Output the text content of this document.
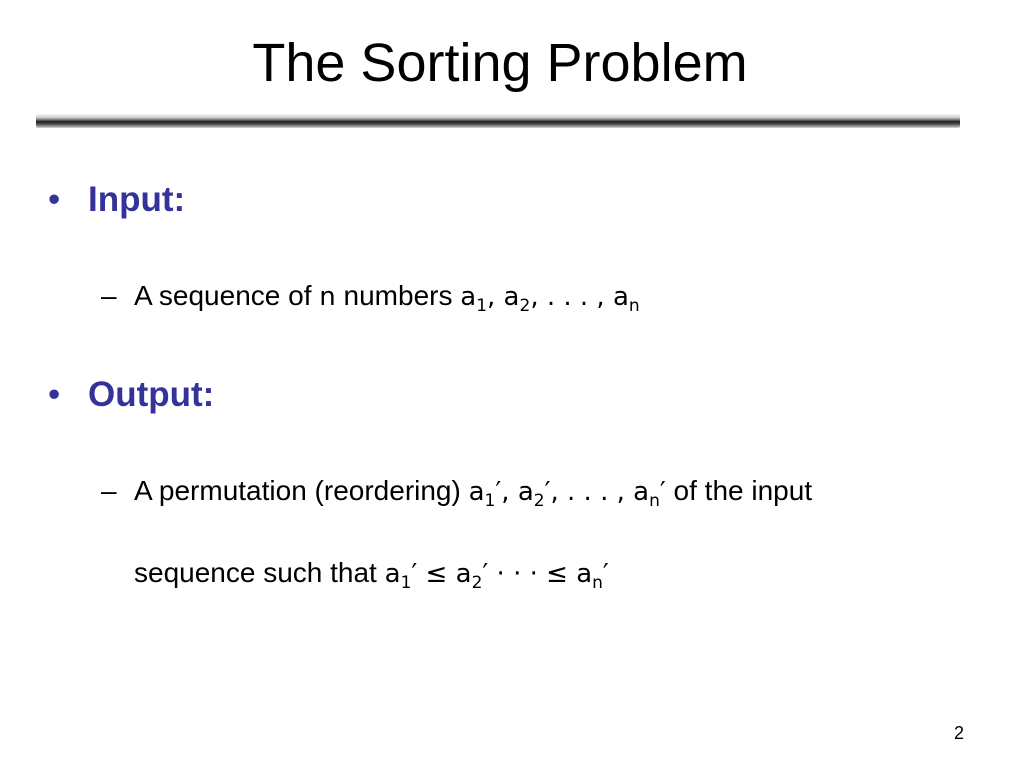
The Sorting Problem
• Input:
– A sequence of n numbers $a_1$, $a_2$, . . . , $a_n$
• Output:
– A permutation (reordering) $a_1'$, $a_2'$, . . . , $a_n'$ of the input
sequence such that $a_1' \le a_2'$ · · · ≤ $a_n'$
2
